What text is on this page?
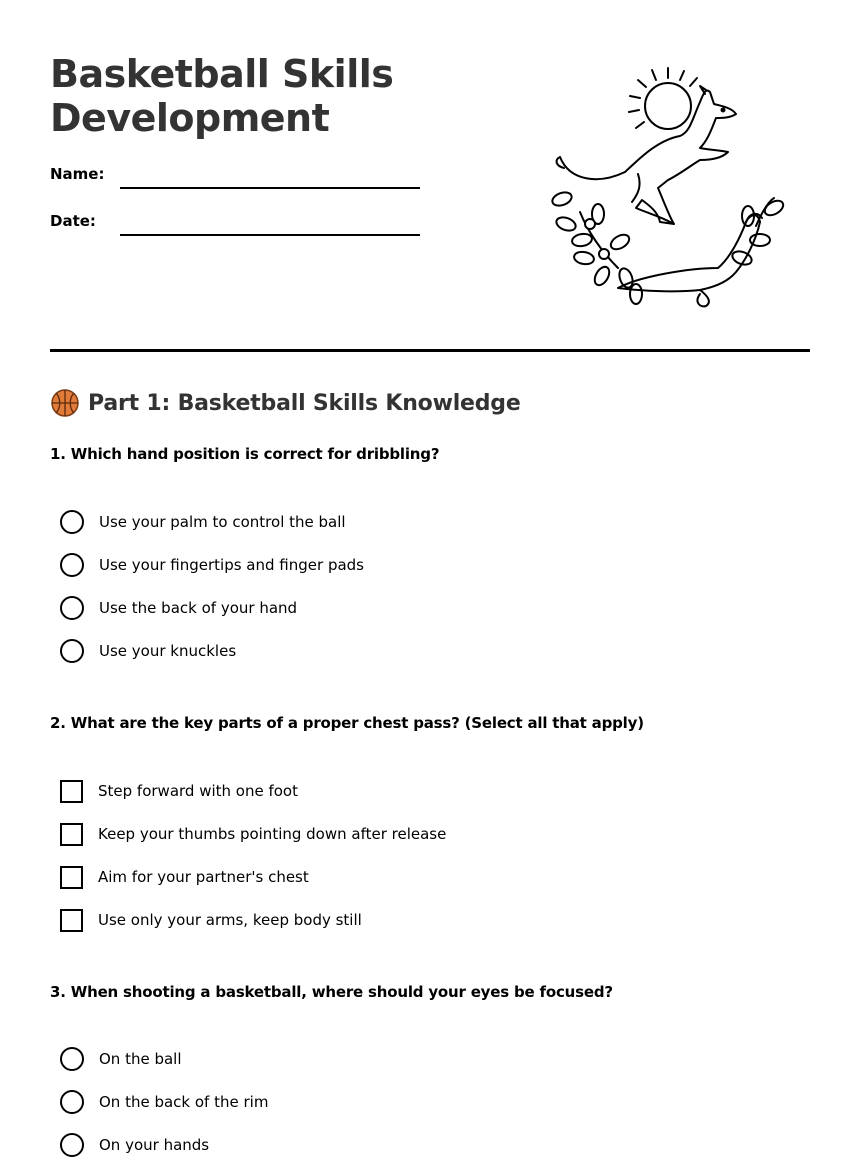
Basketball Skills
Development
Name:
Date:
Part 1: Basketball Skills Knowledge
1. Which hand position is correct for dribbling?
Use your palm to control the ball
Use your fingertips and finger pads
Use the back of your hand
Use your knuckles
2. What are the key parts of a proper chest pass? (Select all that apply)
Step forward with one foot
Keep your thumbs pointing down after release
Aim for your partner's chest
Use only your arms, keep body still
3. When shooting a basketball, where should your eyes be focused?
On the ball
On the back of the rim
On your hands
